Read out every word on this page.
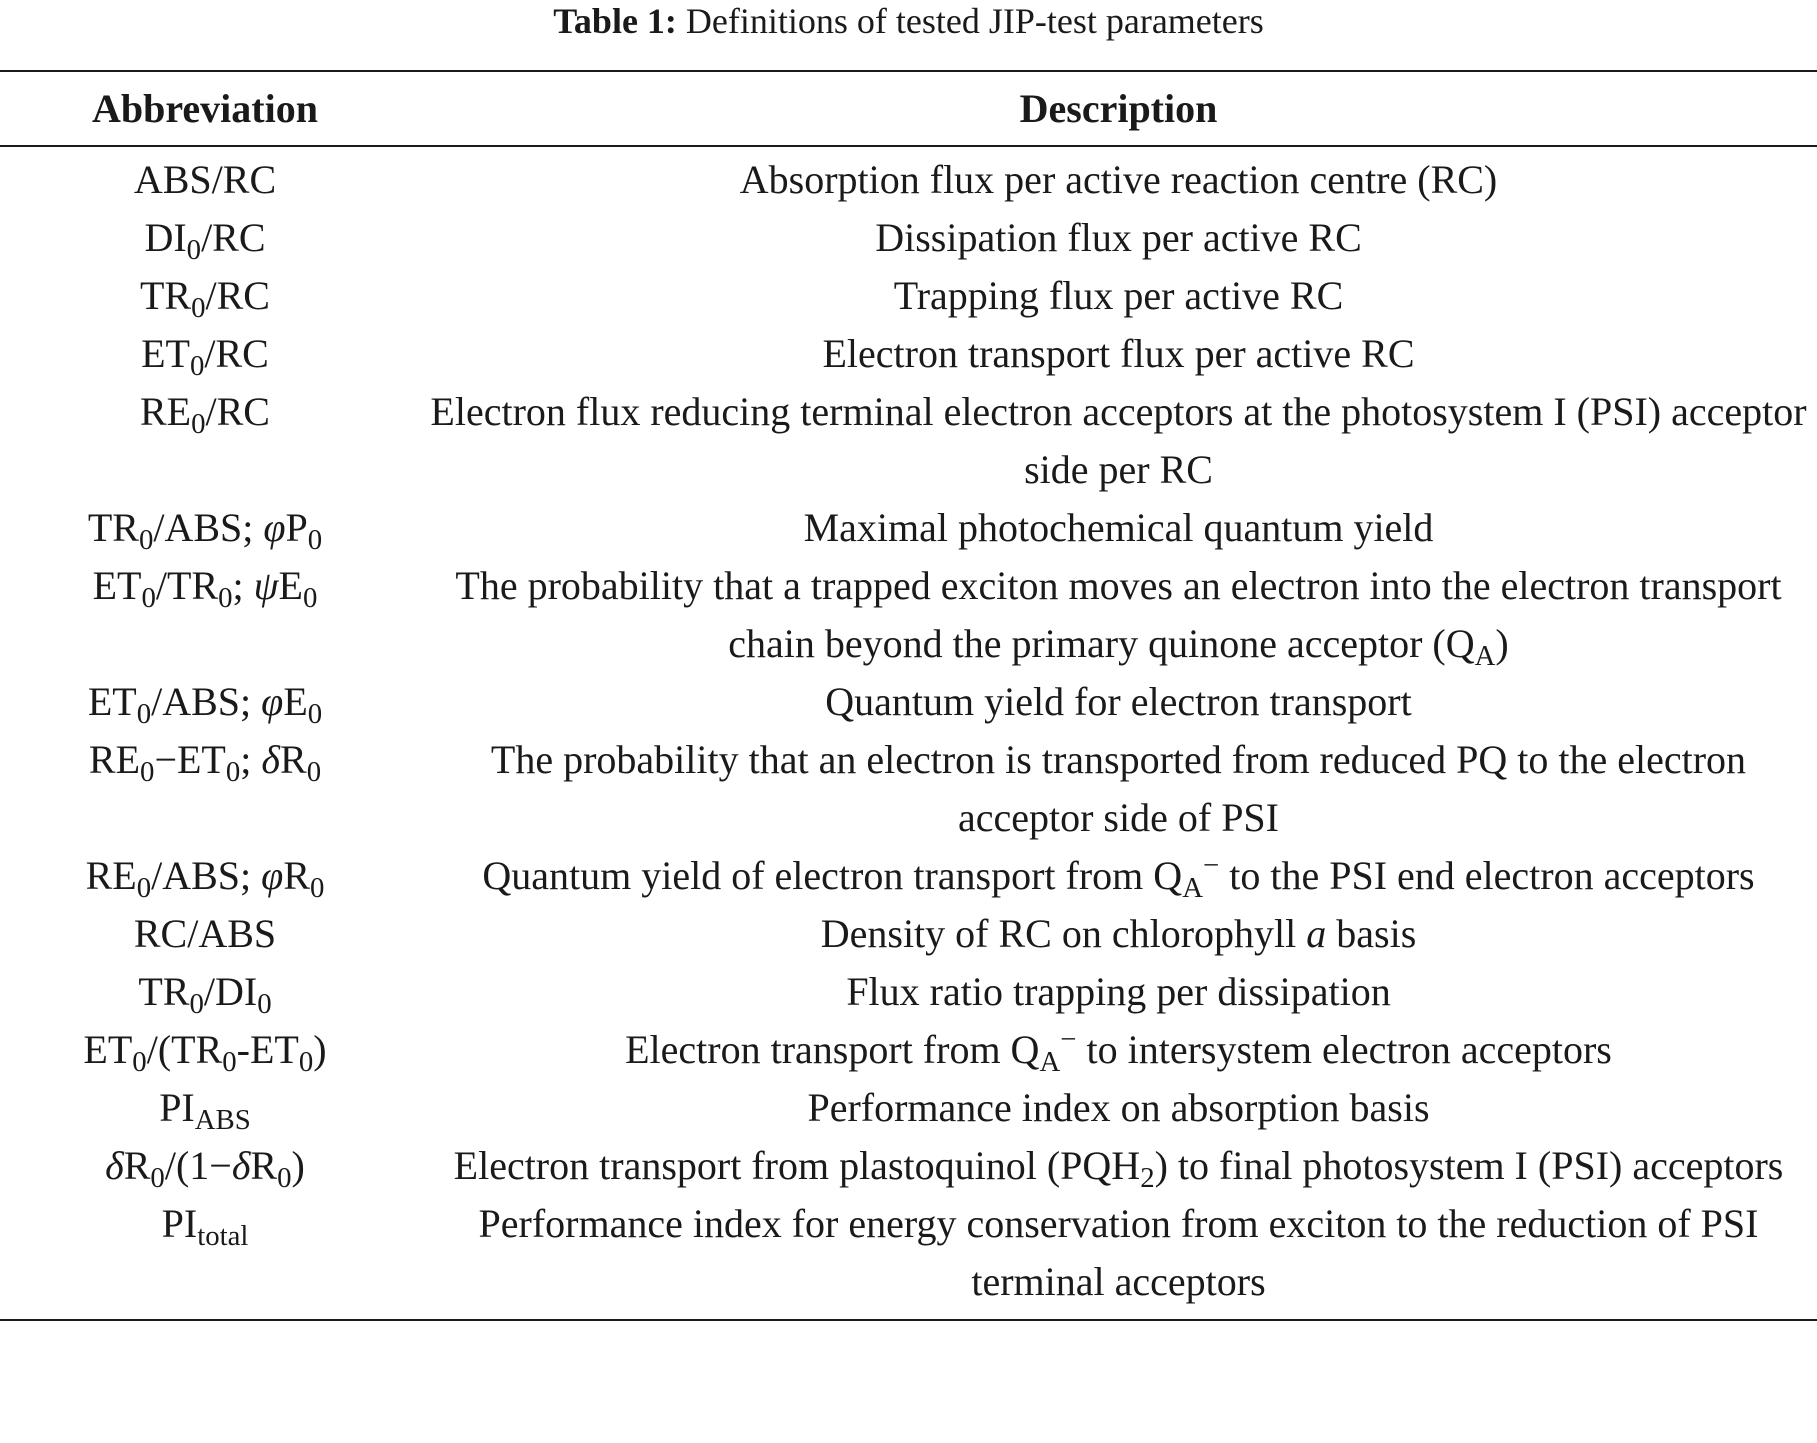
Table 1: Definitions of tested JIP-test parameters
Abbreviation	Description
ABS/RC	Absorption flux per active reaction centre (RC)
$DI_0/RC$	Dissipation flux per active RC
$TR_0/RC$	Trapping flux per active RC
$ET_0/RC$	Electron transport flux per active RC
$RE_0/RC$	Electron flux reducing terminal electron acceptors at the photosystem I (PSI) acceptor side per RC
$TR_0$/ABS; $\varphi P_0$	Maximal photochemical quantum yield
$ET_0/TR_0$; $\psi E_0$	The probability that a trapped exciton moves an electron into the electron transport chain beyond the primary quinone acceptor $(Q_A)$
$ET_0$/ABS; $\varphi E_0$	Quantum yield for electron transport
$RE_0-ET_0$; $\delta R_0$	The probability that an electron is transported from reduced PQ to the electron acceptor side of PSI
$RE_0$/ABS; $\varphi R_0$	Quantum yield of electron transport from $Q_A^-$ to the PSI end electron acceptors
RC/ABS	Density of RC on chlorophyll a basis
$TR_0/DI_0$	Flux ratio trapping per dissipation
$ET_0/(TR_0-ET_0)$	Electron transport from $Q_A^-$ to intersystem electron acceptors
$PI_{ABS}$	Performance index on absorption basis
$\delta R_0/(1-\delta R_0)$	Electron transport from plastoquinol $(PQH_2)$ to final photosystem I (PSI) acceptors
$PI_{total}$	Performance index for energy conservation from exciton to the reduction of PSI terminal acceptors
